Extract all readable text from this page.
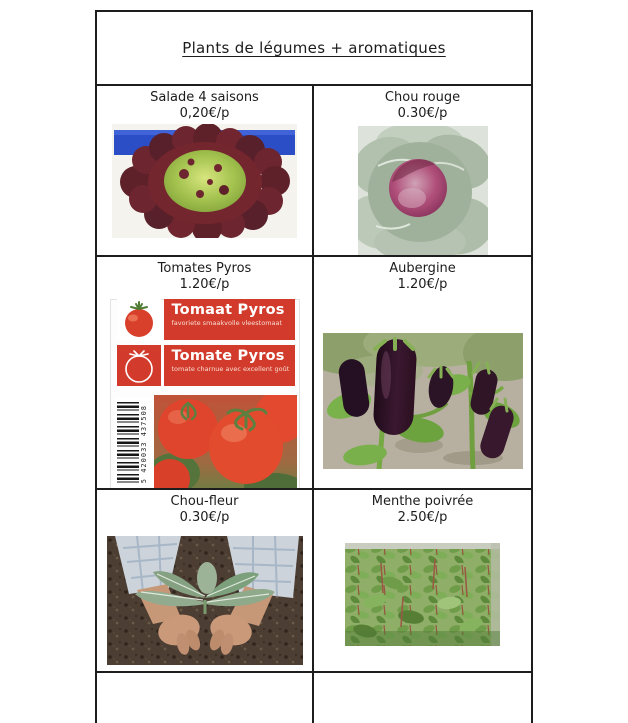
Plants de légumes + aromatiques
Salade 4 saisons
0,20€/p
Chou rouge
0.30€/p
Tomates Pyros
1.20€/p
Tomaat Pyros
favoriete smaakvolle vleestomaat
Tomate Pyros
tomate charnue avec excellent goût
5 420033 437508
Aubergine
1.20€/p
Chou-fleur
0.30€/p
Menthe poivrée
2.50€/p
